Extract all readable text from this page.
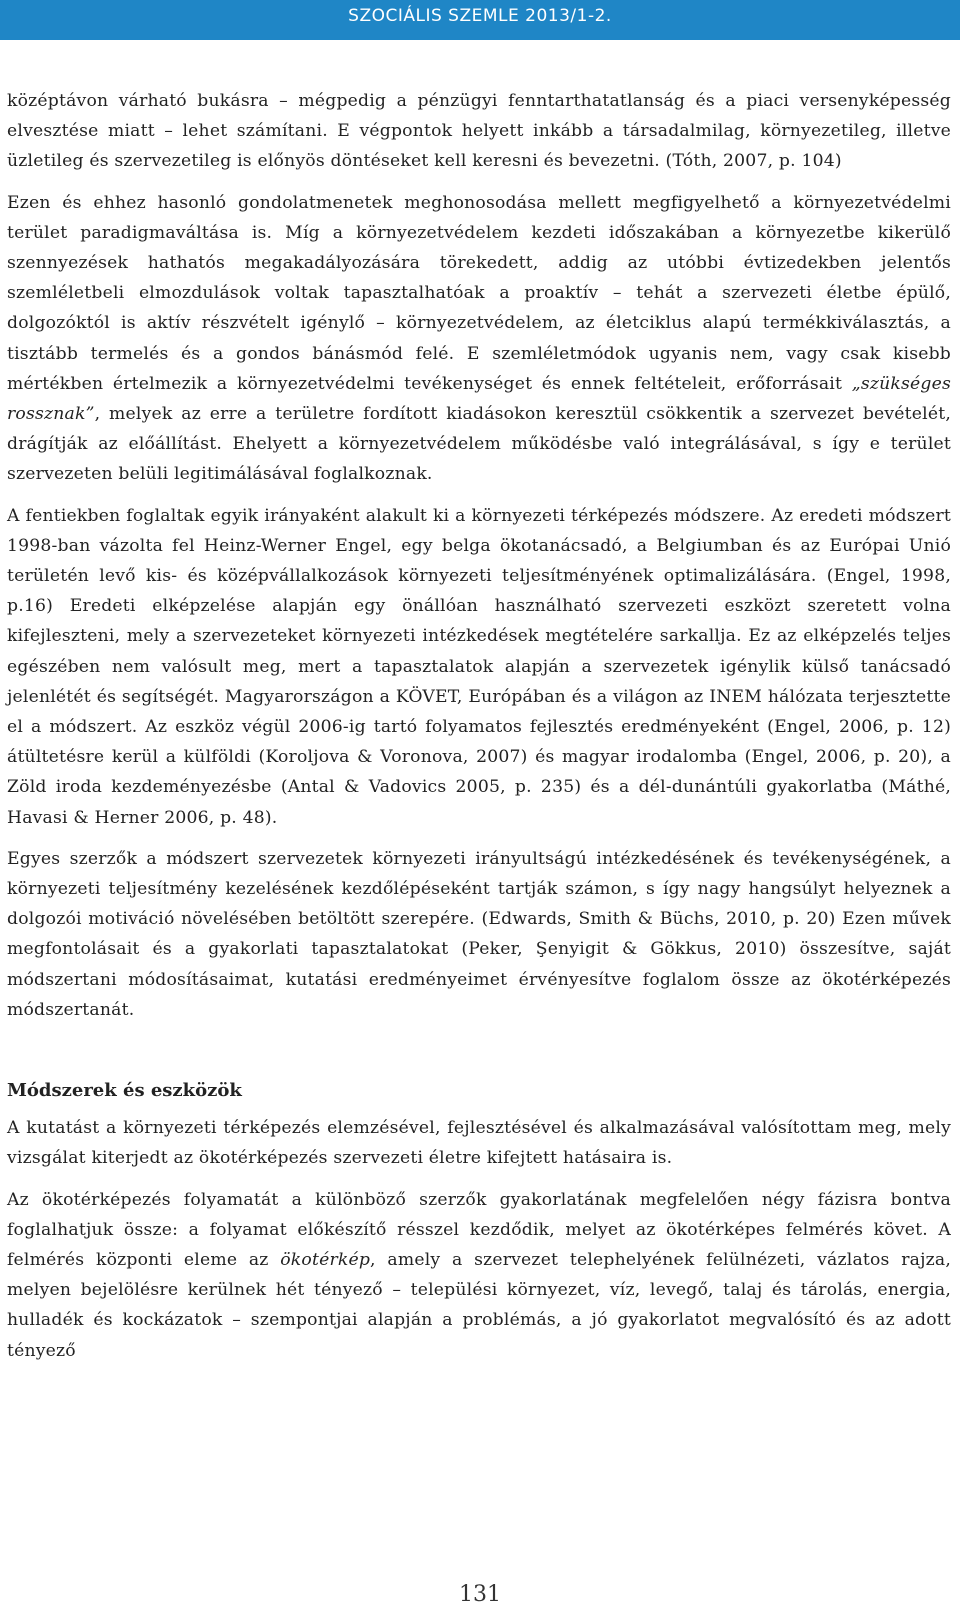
SZOCIÁLIS SZEMLE 2013/1-2.

középtávon várható bukásra – mégpedig a pénzügyi fenntarthatatlanság és a piaci versenyképesség elvesztése miatt – lehet számítani. E végpontok helyett inkább a társadalmilag, környezetileg, illetve üzletileg és szervezetileg is előnyös döntéseket kell keresni és bevezetni. (Tóth, 2007, p. 104)

Ezen és ehhez hasonló gondolatmenetek meghonosodása mellett megfigyelhető a környezetvédelmi terület paradigmaváltása is. Míg a környezetvédelem kezdeti időszakában a környezetbe kikerülő szennyezések hathatós megakadályozására törekedett, addig az utóbbi évtizedekben jelentős szemléletbeli elmozdulások voltak tapasztalhatóak a proaktív – tehát a szervezeti életbe épülő, dolgozóktól is aktív részvételt igénylő – környezetvédelem, az életciklus alapú termékkiválasztás, a tisztább termelés és a gondos bánásmód felé. E szemléletmódok ugyanis nem, vagy csak kisebb mértékben értelmezik a környezetvédelmi tevékenységet és ennek feltételeit, erőforrásait „szükséges rossznak”, melyek az erre a területre fordított kiadásokon keresztül csökkentik a szervezet bevételét, drágítják az előállítást. Ehelyett a környezetvédelem működésbe való integrálásával, s így e terület szervezeten belüli legitimálásával foglalkoznak.

A fentiekben foglaltak egyik irányaként alakult ki a környezeti térképezés módszere. Az eredeti módszert 1998-ban vázolta fel Heinz-Werner Engel, egy belga ökotanácsadó, a Belgiumban és az Európai Unió területén levő kis- és középvállalkozások környezeti teljesítményének optimalizálására. (Engel, 1998, p.16) Eredeti elképzelése alapján egy önállóan használható szervezeti eszközt szeretett volna kifejleszteni, mely a szervezeteket környezeti intézkedések megtételére sarkallja. Ez az elképzelés teljes egészében nem valósult meg, mert a tapasztalatok alapján a szervezetek igénylik külső tanácsadó jelenlétét és segítségét. Magyarországon a KÖVET, Európában és a világon az INEM hálózata terjesztette el a módszert. Az eszköz végül 2006-ig tartó folyamatos fejlesztés eredményeként (Engel, 2006, p. 12) átültetésre kerül a külföldi (Koroljova & Voronova, 2007) és magyar irodalomba (Engel, 2006, p. 20), a Zöld iroda kezdeményezésbe (Antal & Vadovics 2005, p. 235) és a dél-dunántúli gyakorlatba (Máthé, Havasi & Herner 2006, p. 48).

Egyes szerzők a módszert szervezetek környezeti irányultságú intézkedésének és tevékenységének, a környezeti teljesítmény kezelésének kezdőlépéseként tartják számon, s így nagy hangsúlyt helyeznek a dolgozói motiváció növelésében betöltött szerepére. (Edwards, Smith & Büchs, 2010, p. 20) Ezen művek megfontolásait és a gyakorlati tapasztalatokat (Peker, Şenyigit & Gökkus, 2010) összesítve, saját módszertani módosításaimat, kutatási eredményeimet érvényesítve foglalom össze az ökotérképezés módszertanát.

Módszerek és eszközök

A kutatást a környezeti térképezés elemzésével, fejlesztésével és alkalmazásával valósítottam meg, mely vizsgálat kiterjedt az ökotérképezés szervezeti életre kifejtett hatásaira is.

Az ökotérképezés folyamatát a különböző szerzők gyakorlatának megfelelően négy fázisra bontva foglalhatjuk össze: a folyamat előkészítő résszel kezdődik, melyet az ökotérképes felmérés követ. A felmérés központi eleme az ökotérkép, amely a szervezet telephelyének felülnézeti, vázlatos rajza, melyen bejelölésre kerülnek hét tényező – települési környezet, víz, levegő, talaj és tárolás, energia, hulladék és kockázatok – szempontjai alapján a problémás, a jó gyakorlatot megvalósító és az adott tényező

131
